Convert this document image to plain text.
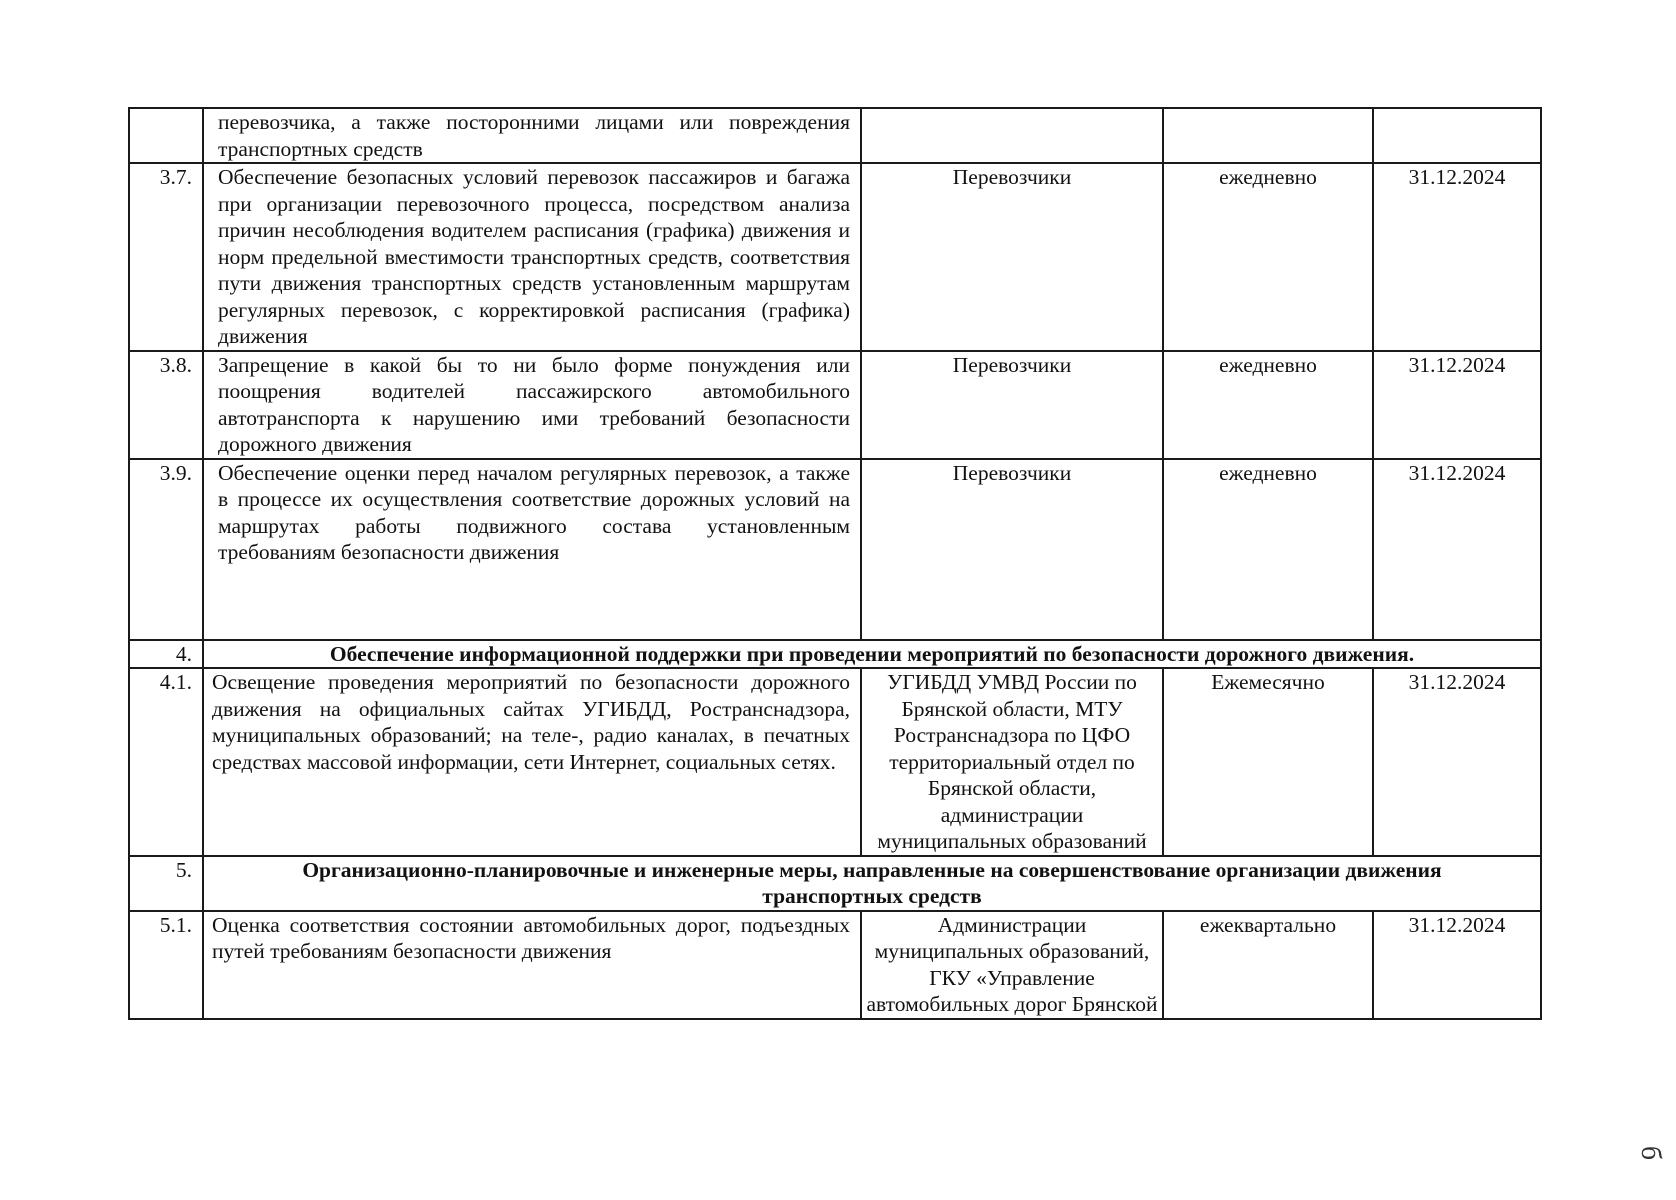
	перевозчика, а также посторонними лицами или повреждения транспортных средств			
3.7.	Обеспечение безопасных условий перевозок пассажиров и багажа при организации перевозочного процесса, посредством анализа причин несоблюдения водителем расписания (графика) движения и норм предельной вместимости транспортных средств, соответствия пути движения транспортных средств установленным маршрутам регулярных перевозок, с корректировкой расписания (графика) движения	Перевозчики	ежедневно	31.12.2024
3.8.	Запрещение в какой бы то ни было форме понуждения или поощрения водителей пассажирского автомобильного автотранспорта к нарушению ими требований безопасности дорожного движения	Перевозчики	ежедневно	31.12.2024
3.9.	Обеспечение оценки перед началом регулярных перевозок, а также в процессе их осуществления соответствие дорожных условий на маршрутах работы подвижного состава установленным требованиям безопасности движения	Перевозчики	ежедневно	31.12.2024
4.	Обеспечение информационной поддержки при проведении мероприятий по безопасности дорожного движения.			
4.1.	Освещение проведения мероприятий по безопасности дорожного движения на официальных сайтах УГИБДД, Ространснадзора, муниципальных образований; на теле-, радио каналах, в печатных средствах массовой информации, сети Интернет, социальных сетях.	УГИБДД УМВД России по Брянской области, МТУ Ространснадзора по ЦФО территориальный отдел по Брянской области, администрации муниципальных образований	Ежемесячно	31.12.2024
5.	Организационно-планировочные и инженерные меры, направленные на совершенствование организации движения транспортных средств			
5.1.	Оценка соответствия состоянии автомобильных дорог, подъездных путей требованиям безопасности движения	Администрации муниципальных образований, ГКУ «Управление автомобильных дорог Брянской	ежеквартально	31.12.2024
б
